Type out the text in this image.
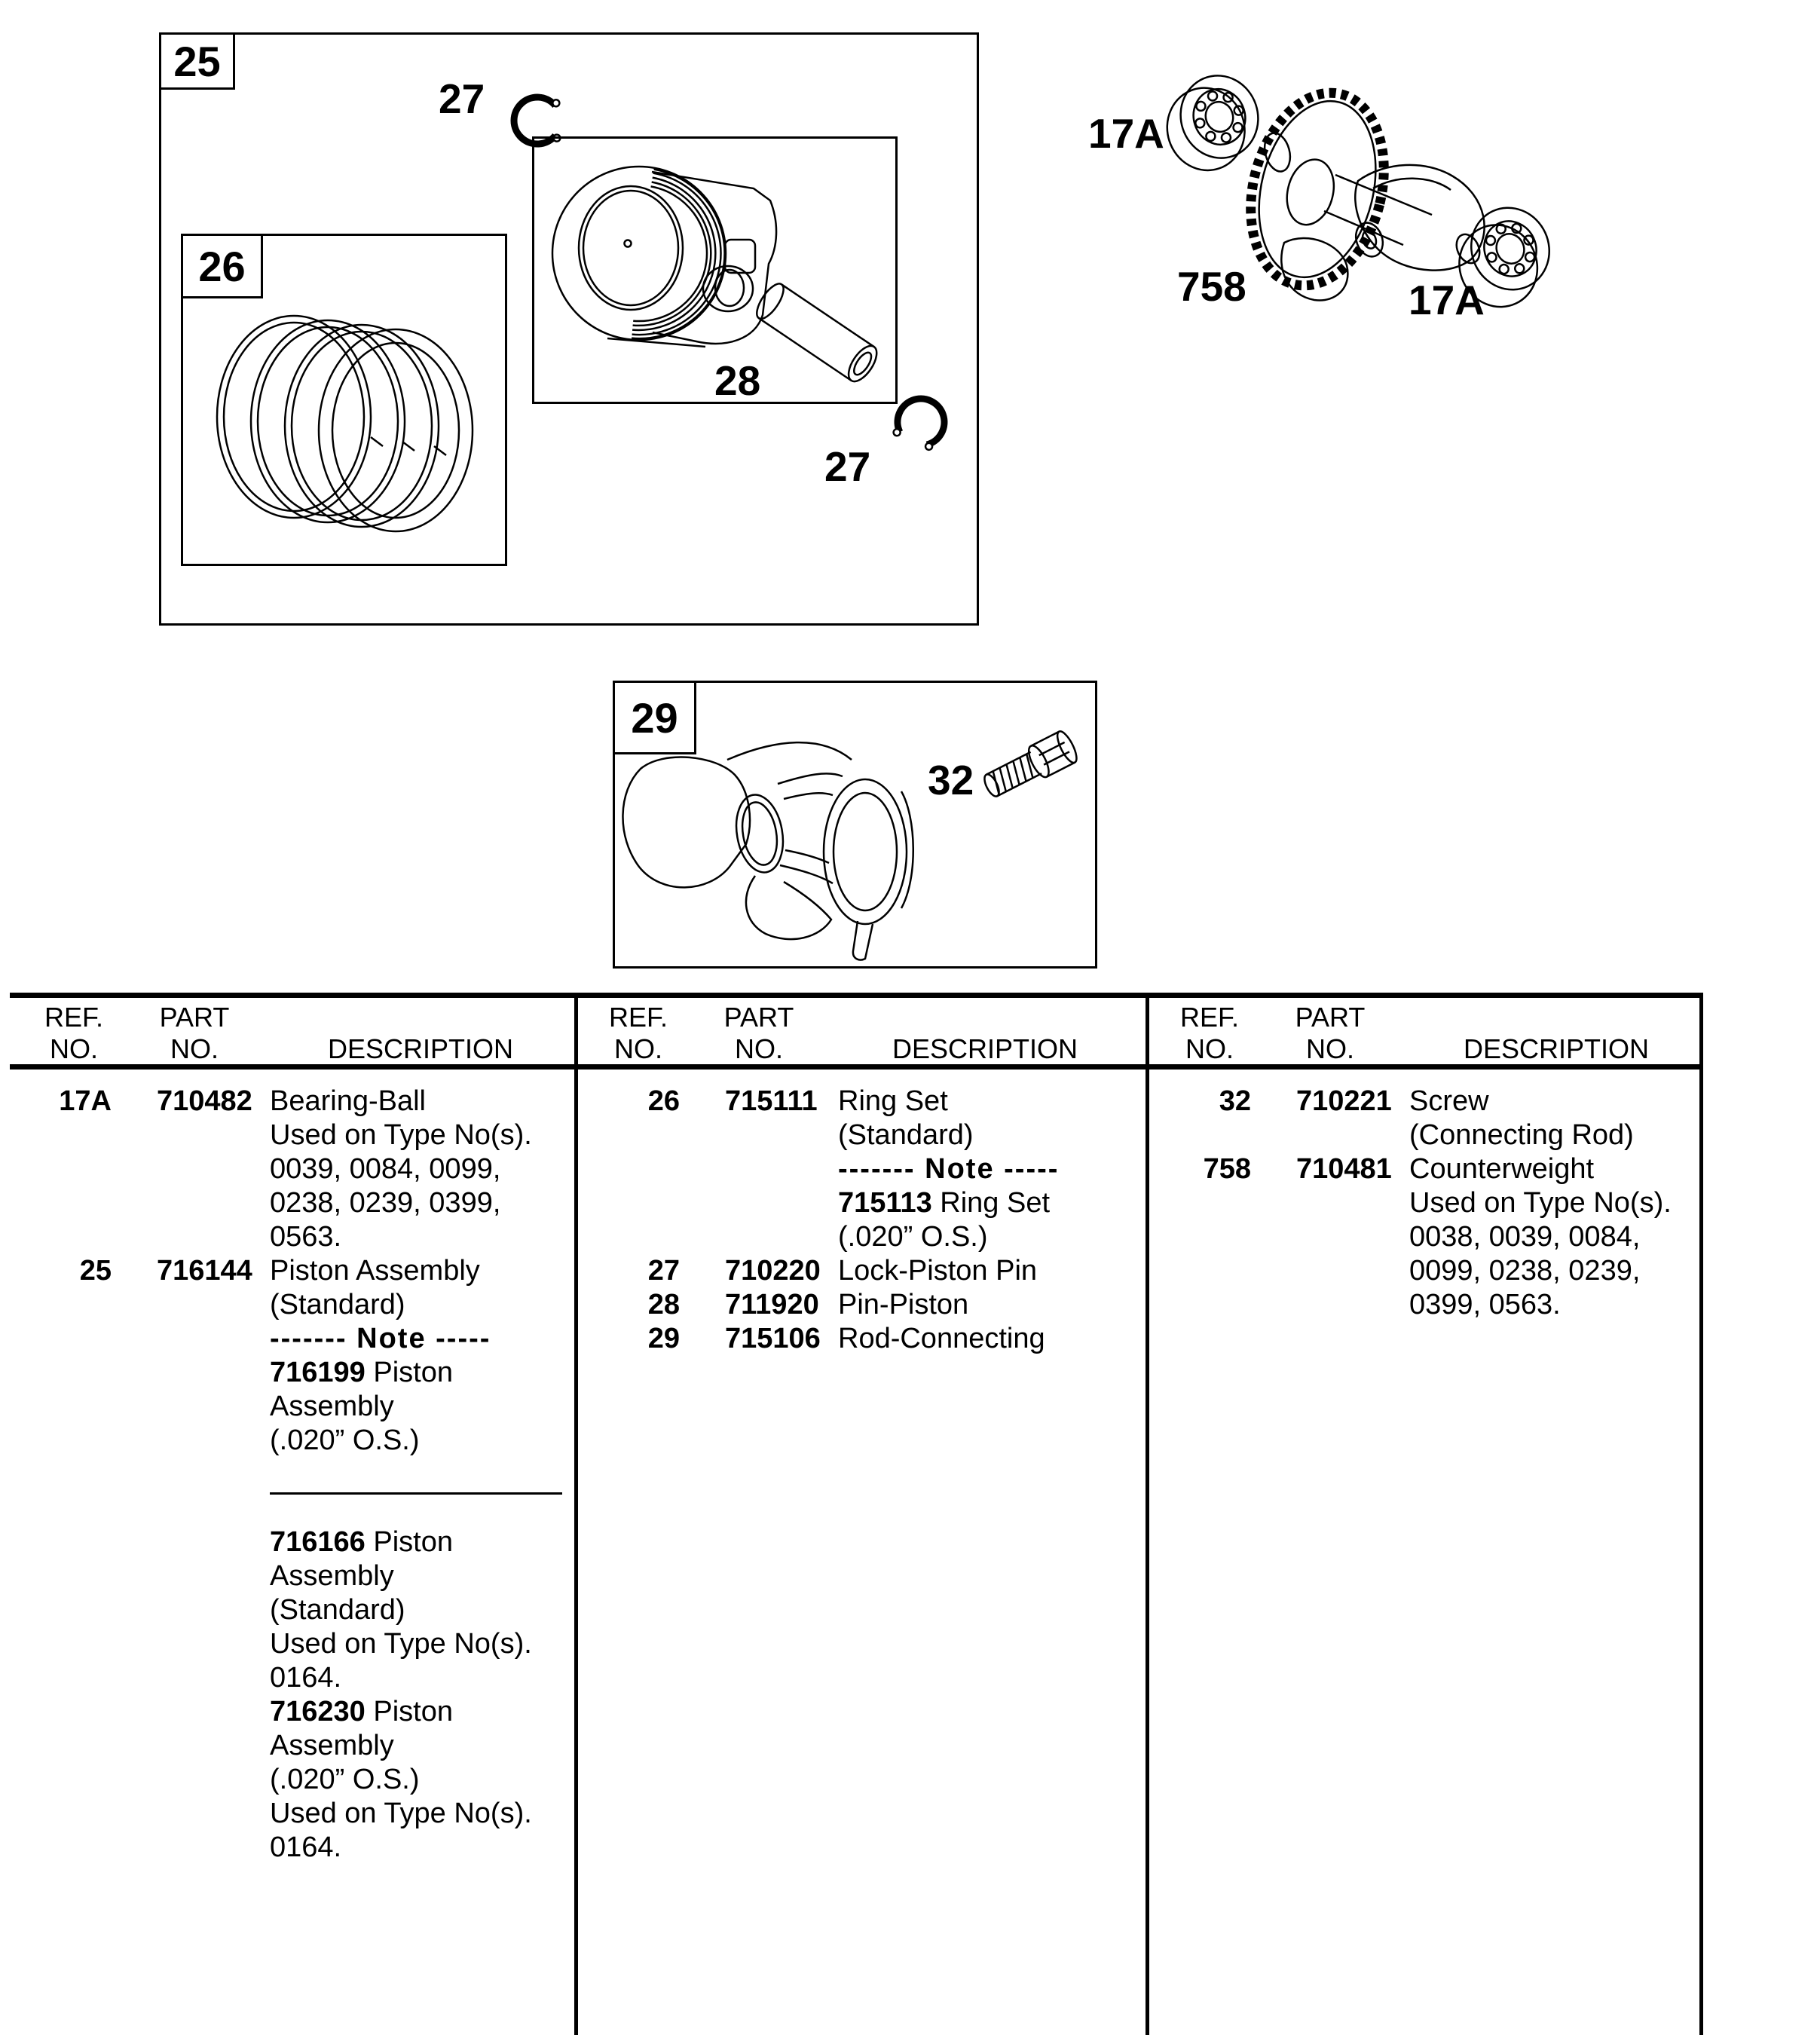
25
26
29
27
28
27
17A
758	17A
32
REF.
NO.
PART
NO.	DESCRIPTION
REF.
NO.
PART
NO.	DESCRIPTION
REF.
NO.
PART
NO.	DESCRIPTION
17A	710482 Bearing-Ball
Used on Type No(s).
0039, 0084, 0099,
0238, 0239, 0399,
0563.
25	716144 Piston Assembly
(Standard)
------- Note -----
716199 Piston
Assembly
(.020” O.S.)
716166 Piston
Assembly
(Standard)
Used on Type No(s).
0164.
716230 Piston
Assembly
(.020” O.S.)
Used on Type No(s).
0164.
26	715111 Ring Set
(Standard)
------- Note -----
715113 Ring Set
(.020” O.S.)
27	710220 Lock-Piston Pin
28	711920 Pin-Piston
29	715106 Rod-Connecting
32	710221 Screw
(Connecting Rod)
758	710481 Counterweight
Used on Type No(s).
0038, 0039, 0084,
0099, 0238, 0239,
0399, 0563.
